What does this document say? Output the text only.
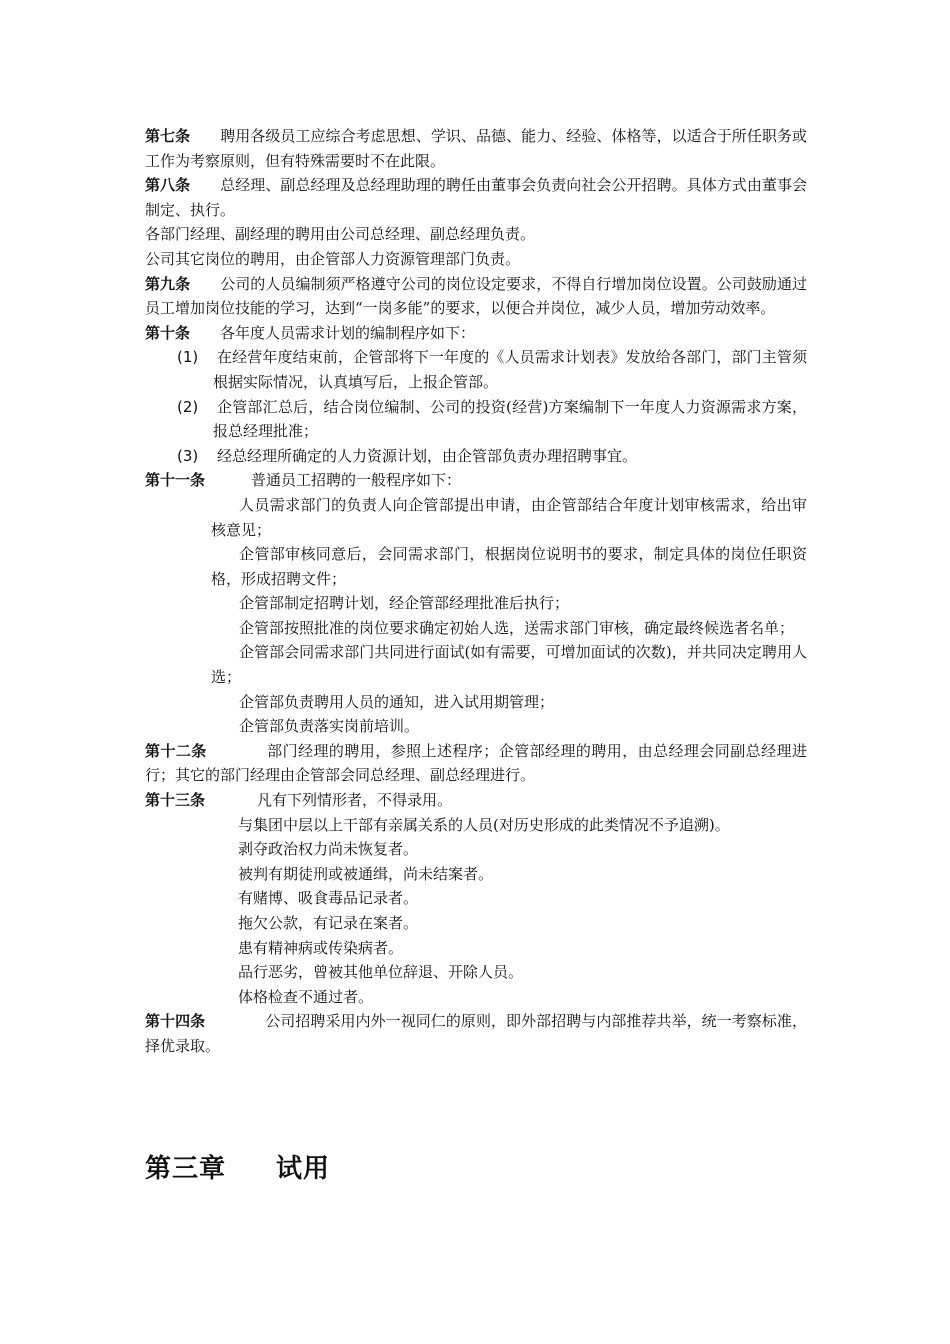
第七条 聘用各级员工应综合考虑思想、学识、品德、能力、经验、体格等，以适合于所任职务或工作为考察原则，但有特殊需要时不在此限。

第八条 总经理、副总经理及总经理助理的聘任由董事会负责向社会公开招聘。具体方式由董事会制定、执行。

各部门经理、副经理的聘用由公司总经理、副总经理负责。

公司其它岗位的聘用，由企管部人力资源管理部门负责。

第九条 公司的人员编制须严格遵守公司的岗位设定要求，不得自行增加岗位设置。公司鼓励通过员工增加岗位技能的学习，达到“一岗多能”的要求，以便合并岗位，减少人员，增加劳动效率。

第十条 各年度人员需求计划的编制程序如下：

(1) 在经营年度结束前，企管部将下一年度的《人员需求计划表》发放给各部门，部门主管须根据实际情况，认真填写后，上报企管部。
(2) 企管部汇总后，结合岗位编制、公司的投资(经营)方案编制下一年度人力资源需求方案，报总经理批准；
(3) 经总经理所确定的人力资源计划，由企管部负责办理招聘事宜。

第十一条	普通员工招聘的一般程序如下：

人员需求部门的负责人向企管部提出申请，由企管部结合年度计划审核需求，给出审核意见；

企管部审核同意后，会同需求部门，根据岗位说明书的要求，制定具体的岗位任职资格，形成招聘文件；

企管部制定招聘计划，经企管部经理批准后执行；

企管部按照批准的岗位要求确定初始人选，送需求部门审核，确定最终候选者名单；

企管部会同需求部门共同进行面试(如有需要，可增加面试的次数)，并共同决定聘用人选；

企管部负责聘用人员的通知，进入试用期管理；

企管部负责落实岗前培训。

第十二条	部门经理的聘用，参照上述程序；企管部经理的聘用，由总经理会同副总经理进行；其它的部门经理由企管部会同总经理、副总经理进行。

第十三条	凡有下列情形者，不得录用。

与集团中层以上干部有亲属关系的人员(对历史形成的此类情况不予追溯)。

剥夺政治权力尚未恢复者。

被判有期徒刑或被通缉，尚未结案者。

有赌博、吸食毒品记录者。

拖欠公款，有记录在案者。

患有精神病或传染病者。

品行恶劣，曾被其他单位辞退、开除人员。

体格检查不通过者。

第十四条	公司招聘采用内外一视同仁的原则，即外部招聘与内部推荐共举，统一考察标准，择优录取。

第三章 试用
